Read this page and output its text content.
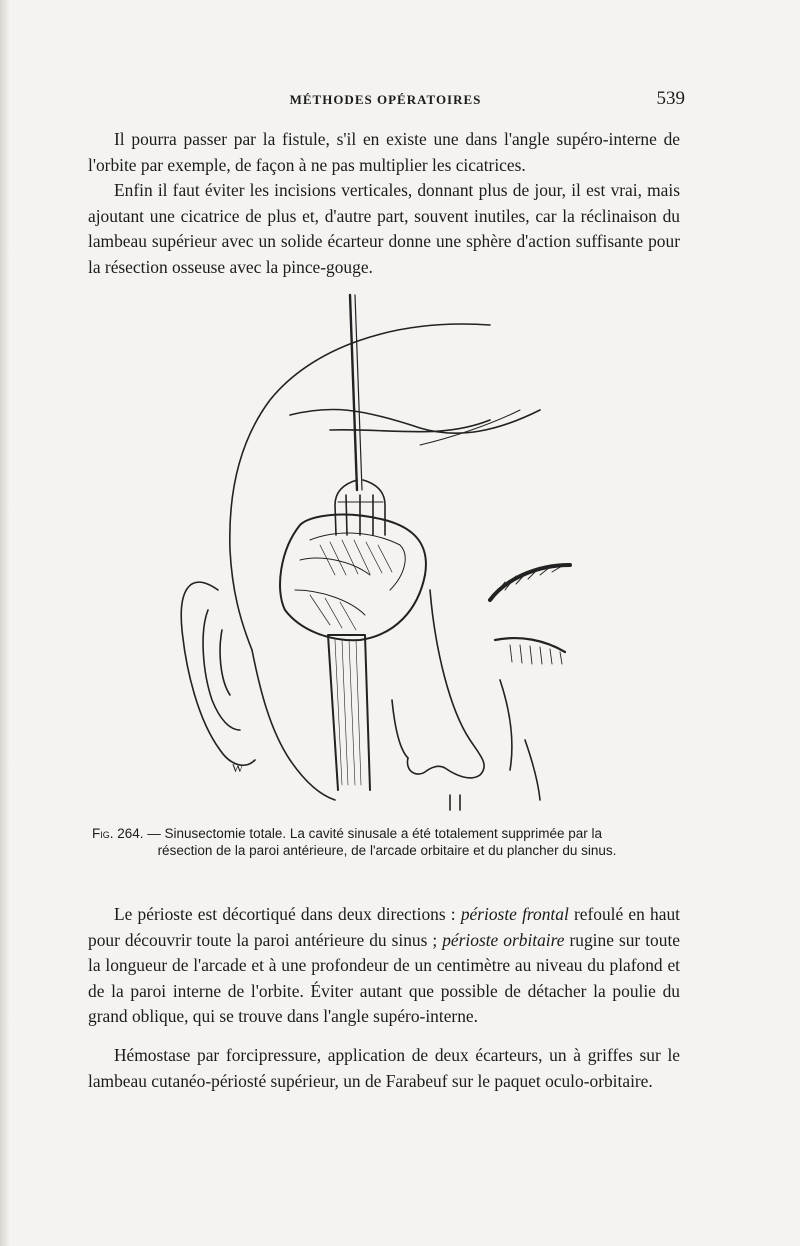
MÉTHODES OPÉRATOIRES	539

Il pourra passer par la fistule, s'il en existe une dans l'angle supéro-interne de l'orbite par exemple, de façon à ne pas multiplier les cicatrices.

Enfin il faut éviter les incisions verticales, donnant plus de jour, il est vrai, mais ajoutant une cicatrice de plus et, d'autre part, souvent inutiles, car la réclinaison du lambeau supérieur avec un solide écarteur donne une sphère d'action suffisante pour la résection osseuse avec la pince-gouge.

W

Fig. 264. — Sinusectomie totale. La cavité sinusale a été totalement supprimée par la
résection de la paroi antérieure, de l'arcade orbitaire et du plancher du sinus.

Le périoste est décortiqué dans deux directions : périoste frontal refoulé en haut pour découvrir toute la paroi antérieure du sinus ; périoste orbitaire rugine sur toute la longueur de l'arcade et à une profondeur de un centimètre au niveau du plafond et de la paroi interne de l'orbite. Éviter autant que possible de détacher la poulie du grand oblique, qui se trouve dans l'angle supéro-interne.

Hémostase par forcipressure, application de deux écarteurs, un à griffes sur le lambeau cutanéo-périosté supérieur, un de Farabeuf sur le paquet oculo-orbitaire.
